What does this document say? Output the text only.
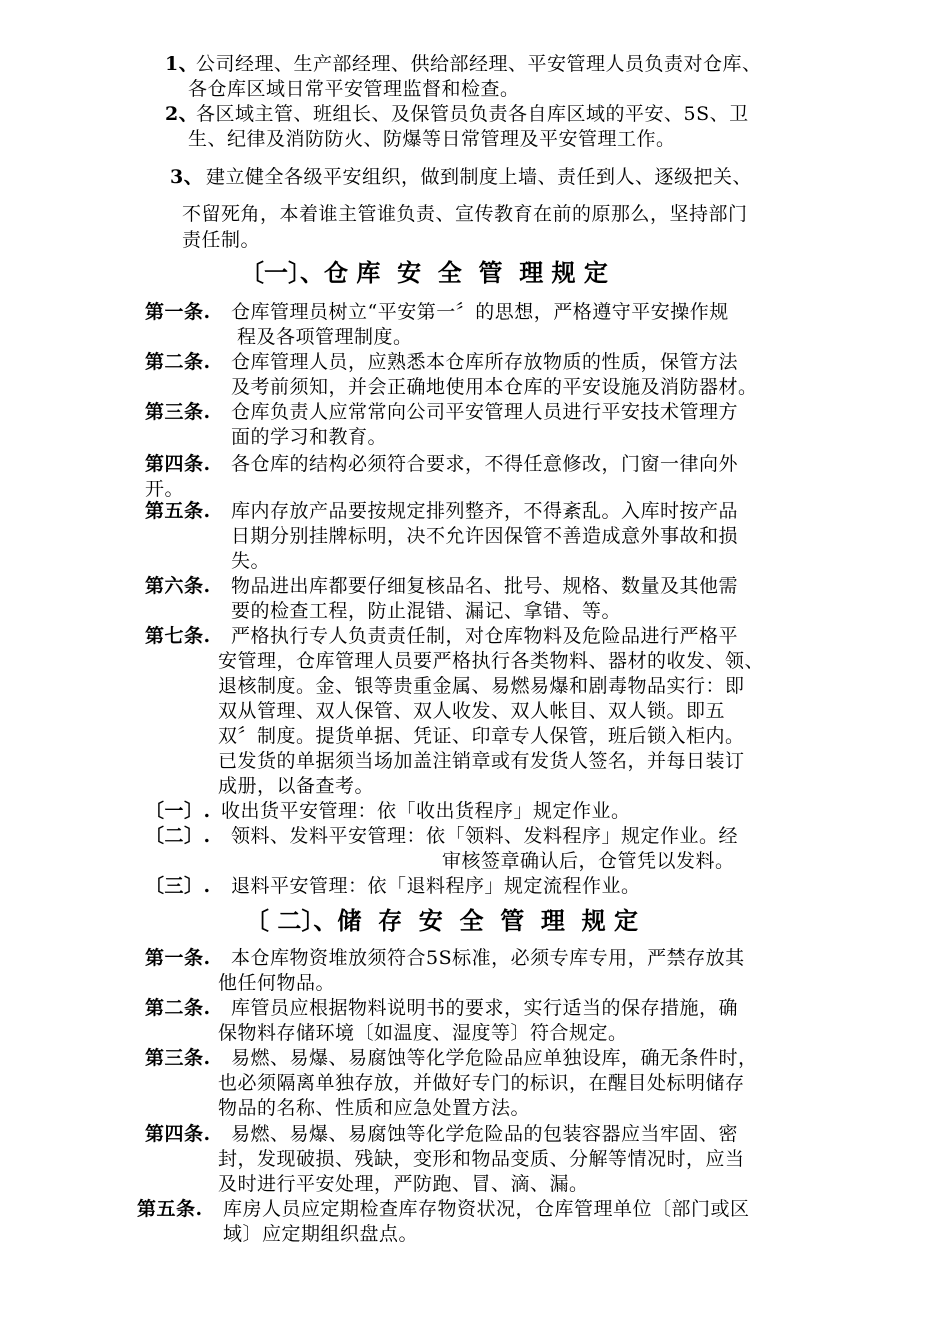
1、
公司经理、生产部经理、供给部经理、平安管理人员负责对仓库、
各仓库区域日常平安管理监督和检查。
2、
各区域主管、班组长、及保管员负责各自库区域的平安、5S、卫
生、纪律及消防防火、防爆等日常管理及平安管理工作。
3、 建立健全各级平安组织，做到制度上墙、责任到人、逐级把关、
不留死角，本着谁主管谁负责、宣传教育在前的原那么，坚持部门
责任制。
〔一〕、仓 库  安  全  管  理 规 定
第一条. 仓库管理员树立“平安第一〞的思想，严格遵守平安操作规
程及各项管理制度。
第二条. 仓库管理人员，应熟悉本仓库所存放物质的性质，保管方法
及考前须知，并会正确地使用本仓库的平安设施及消防器材。
第三条. 仓库负责人应常常向公司平安管理人员进行平安技术管理方
面的学习和教育。
第四条. 各仓库的结构必须符合要求，不得任意修改，门窗一律向外
开。
第五条. 库内存放产品要按规定排列整齐，不得紊乱。入库时按产品
日期分别挂牌标明，决不允许因保管不善造成意外事故和损
失。
第六条. 物品进出库都要仔细复核品名、批号、规格、数量及其他需
要的检查工程，防止混错、漏记、拿错、等。
第七条. 严格执行专人负责责任制，对仓库物料及危险品进行严格平
安管理，仓库管理人员要严格执行各类物料、器材的收发、领、
退核制度。金、银等贵重金属、易燃易爆和剧毒物品实行：即
双从管理、双人保管、双人收发、双人帐目、双人锁。即五
双〞制度。提货单据、凭证、印章专人保管，班后锁入柜内。
已发货的单据须当场加盖注销章或有发货人签名，并每日装订
成册，以备查考。
〔一〕. 收出货平安管理：依「收出货程序」规定作业。
〔二〕. 领料、发料平安管理：依「领料、发料程序」规定作业。经
审核签章确认后，仓管凭以发料。
〔三〕. 退料平安管理：依「退料程序」规定流程作业。
〔 二〕、储  存  安  全  管  理  规 定
第一条. 本仓库物资堆放须符合5S标准，必须专库专用，严禁存放其
他任何物品。
第二条. 库管员应根据物料说明书的要求，实行适当的保存措施，确
保物料存储环境〔如温度、湿度等〕符合规定。
第三条. 易燃、易爆、易腐蚀等化学危险品应单独设库，确无条件时，
也必须隔离单独存放，并做好专门的标识，在醒目处标明储存
物品的名称、性质和应急处置方法。
第四条. 易燃、易爆、易腐蚀等化学危险品的包装容器应当牢固、密
封，发现破损、残缺，变形和物品变质、分解等情况时，应当
及时进行平安处理，严防跑、冒、滴、漏。
第五条. 库房人员应定期检查库存物资状况，仓库管理单位〔部门或区
域〕应定期组织盘点。
